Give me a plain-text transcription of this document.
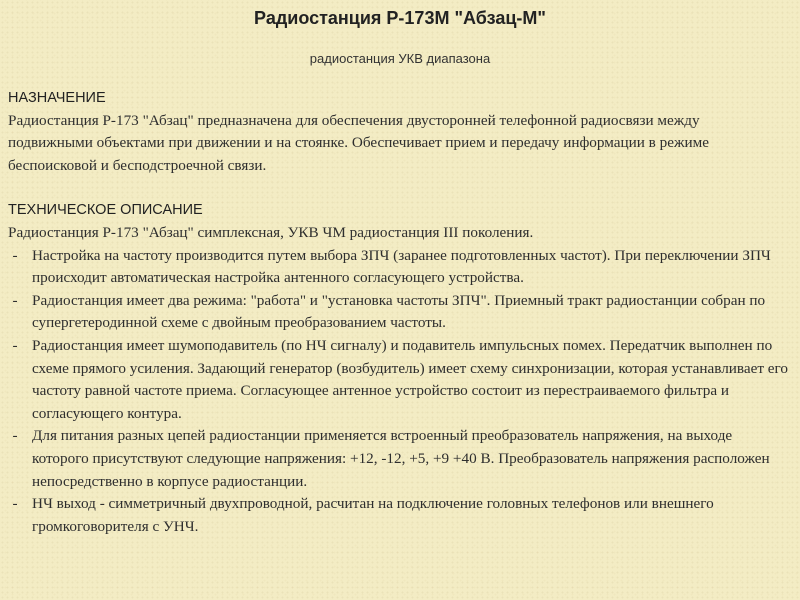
Радиостанция Р-173М "Абзац-М"
радиостанция УКВ диапазона
НАЗНАЧЕНИЕ

Радиостанция Р-173 "Абзац" предназначена для обеспечения двусторонней телефонной радиосвязи между подвижными объектами при движении и на стоянке. Обеспечивает прием и передачу информации в режиме беспоисковой и бесподстроечной связи.

ТЕХНИЧЕСКОЕ ОПИСАНИЕ

Радиостанция Р-173 "Абзац" симплексная, УКВ ЧМ радиостанция III поколения.

- Настройка на частоту производится путем выбора ЗПЧ (заранее подготовленных частот). При переключении ЗПЧ происходит автоматическая настройка антенного согласующего устройства.
- Радиостанция имеет два режима: "работа" и "установка частоты ЗПЧ". Приемный тракт радиостанции собран по супергетеродинной схеме с двойным преобразованием частоты.
- Радиостанция имеет шумоподавитель (по НЧ сигналу) и подавитель импульсных помех. Передатчик выполнен по схеме прямого усиления. Задающий генератор (возбудитель) имеет схему синхронизации, которая устанавливает его частоту равной частоте приема. Согласующее антенное устройство состоит из перестраиваемого фильтра и согласующего контура.
- Для питания разных цепей радиостанции применяется встроенный преобразователь напряжения, на выходе которого присутствуют следующие напряжения: +12, -12, +5, +9 +40 В. Преобразователь напряжения расположен непосредственно в корпусе радиостанции.
- НЧ выход - симметричный двухпроводной, расчитан на подключение головных телефонов или внешнего громкоговорителя с УНЧ.
